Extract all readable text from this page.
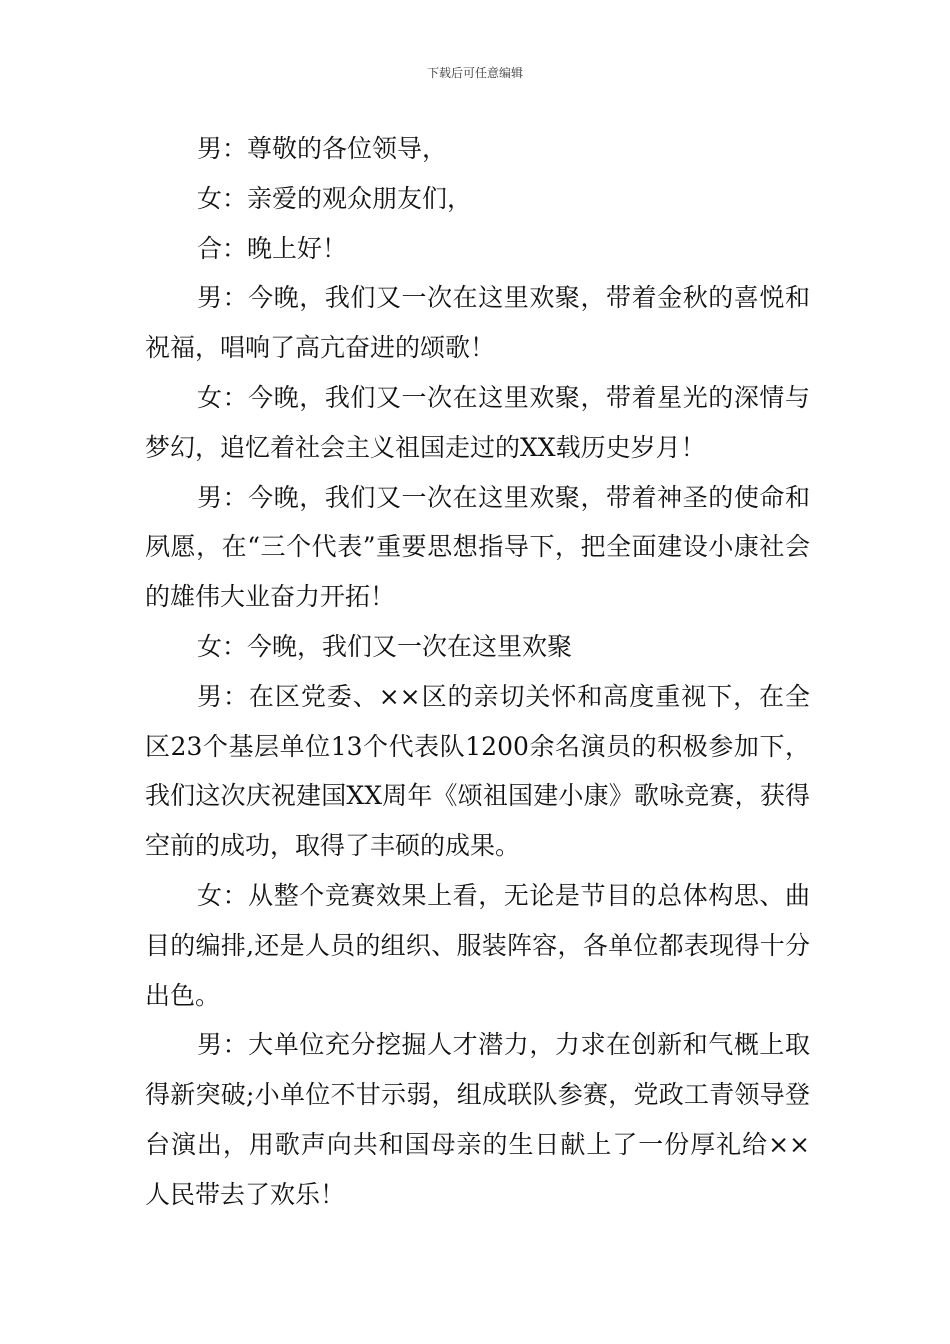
下载后可任意编辑

男：尊敬的各位领导，

女：亲爱的观众朋友们，

合：晚上好！

男：今晚，我们又一次在这里欢聚，带着金秋的喜悦和祝福，唱响了高亢奋进的颂歌！

女：今晚，我们又一次在这里欢聚，带着星光的深情与梦幻，追忆着社会主义祖国走过的XX载历史岁月！

男：今晚，我们又一次在这里欢聚，带着神圣的使命和夙愿，在“三个代表”重要思想指导下，把全面建设小康社会的雄伟大业奋力开拓！

女：今晚，我们又一次在这里欢聚

男：在区党委、××区的亲切关怀和高度重视下，在全区23个基层单位13个代表队1200余名演员的积极参加下，我们这次庆祝建国XX周年《颂祖国建小康》歌咏竞赛，获得空前的成功，取得了丰硕的成果。

女：从整个竞赛效果上看，无论是节目的总体构思、曲目的编排,还是人员的组织、服装阵容，各单位都表现得十分出色。

男：大单位充分挖掘人才潜力，力求在创新和气概上取得新突破;小单位不甘示弱，组成联队参赛，党政工青领导登台演出，用歌声向共和国母亲的生日献上了一份厚礼给××人民带去了欢乐！
